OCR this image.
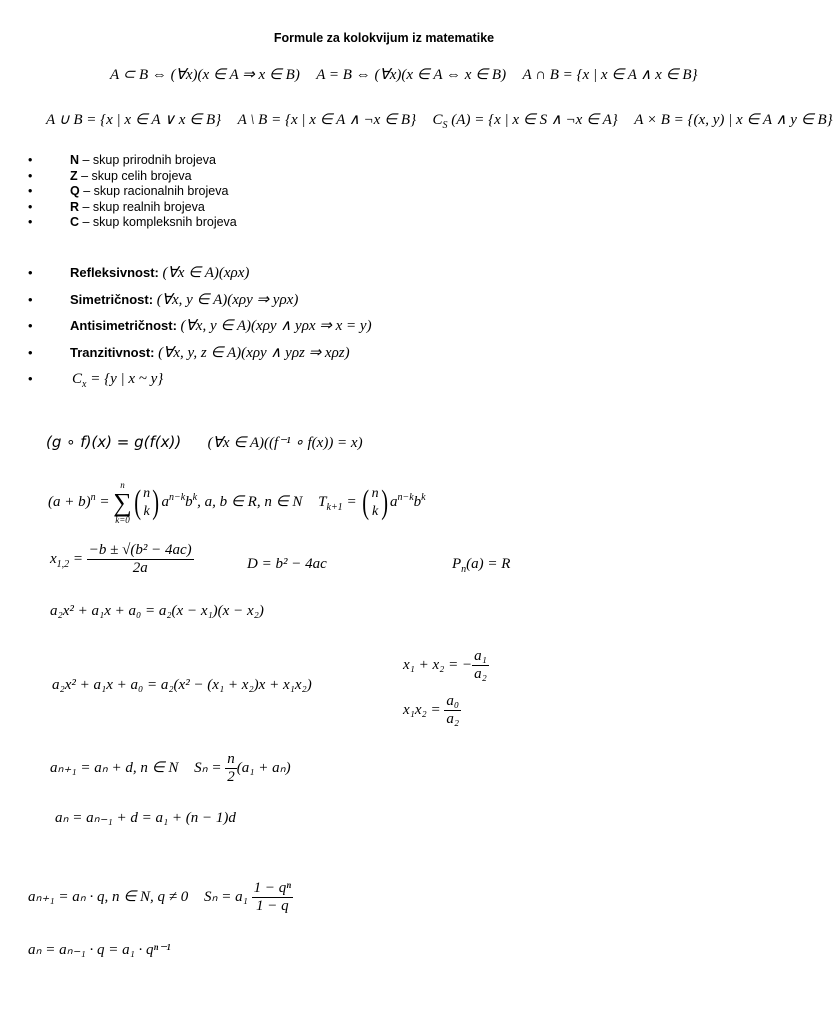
Formule za kolokvijum iz matematike
A ⊂ B ⇔ (∀x)(x ∈ A ⇒ x ∈ B) A = B ⇔ (∀x)(x ∈ A ⇔ x ∈ B) A ∩ B = {x | x ∈ A ∧ x ∈ B}
A ∪ B = {x | x ∈ A ∨ x ∈ B} A \ B = {x | x ∈ A ∧ ¬x ∈ B} $C_S$ (A) = {x | x ∈ S ∧ ¬x ∈ A} A × B = {(x, y) | x ∈ A ∧ y ∈ B}
• N – skup prirodnih brojeva
• Z – skup celih brojeva
• Q – skup racionalnih brojeva
• R – skup realnih brojeva
• C – skup kompleksnih brojeva
• Refleksivnost: (∀x ∈ A)(xρx)
• Simetričnost: (∀x, y ∈ A)(xρy ⇒ yρx)
• Antisimetričnost: (∀x, y ∈ A)(xρy ∧ yρx ⇒ x = y)
• Tranzitivnost: (∀x, y, z ∈ A)(xρy ∧ yρz ⇒ xρz)
• $C_x = \{y$ | x ~ y}
(g ∘ f)(x) = g(f(x)) (∀x ∈ A)((f⁻¹ ∘ f(x)) = x)
$(a + b)^n$ =
n
∑
k=0 ( n
k ) $a^{n-k}b^k$, a, b ∈ R, n ∈ N $T_{k+1}$ = ( n
k ) $a^{n-k}b^k$
$x_{1,2} = \frac{\text{−b ± √(b² − 4ac)}}{2a}$	D = b² − 4ac	$P_n(a) = R$
a₂x² + a₁x + a₀ = a₂(x − x₁)(x − x₂)
a₂x² + a₁x + a₀ = a₂(x² − (x₁ + x₂)x + x₁x₂)
x₁ + x₂ = − $\frac{\text{a₁}}{\text{a₂}}$
$x_1x_2 = \frac{\text{a₀}}{\text{a₂}}$
aₙ₊₁ = aₙ + d, n ∈ N $S_n = \frac{n}{2} (a_1 + a_n)$
aₙ = aₙ₋₁ + d = a₁ + (n − 1)d
aₙ₊₁ = aₙ · q, n ∈ N, q ≠ 0 $S_n = a_1 \frac{\text{1 − qⁿ}}{1 - q}$
aₙ = aₙ₋₁ · q = a₁ · qⁿ⁻¹
